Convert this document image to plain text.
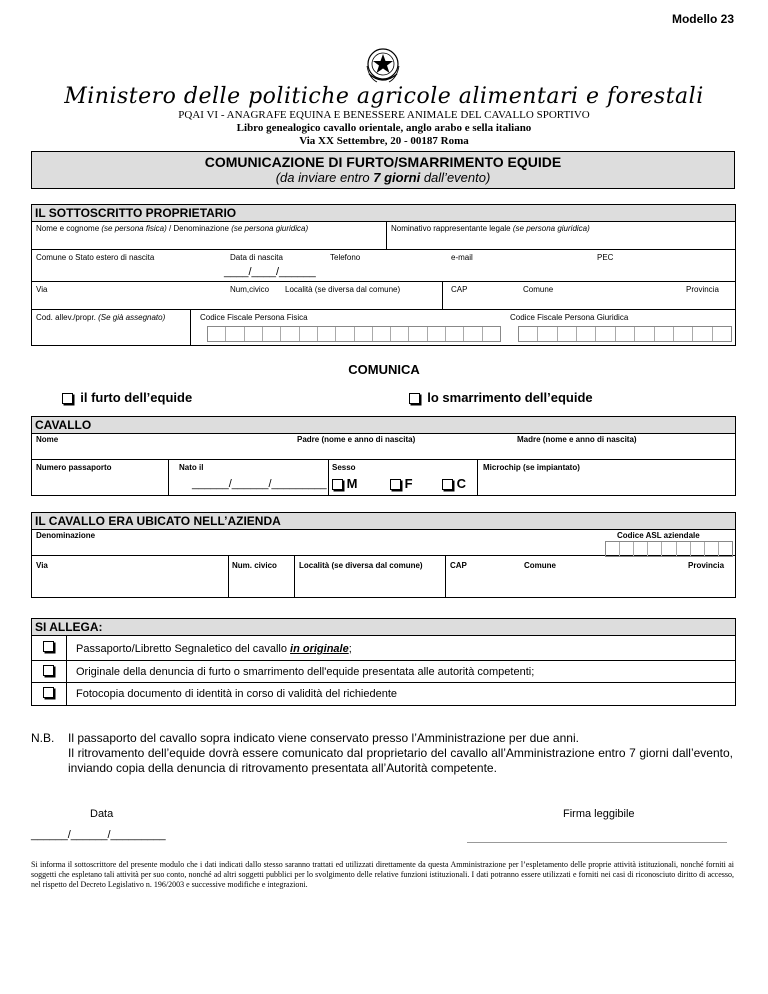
Modello 23
Ministero delle politiche agricole alimentari e forestali
PQAI VI - ANAGRAFE EQUINA E BENESSERE ANIMALE DEL CAVALLO SPORTIVO
Libro genealogico cavallo orientale, anglo arabo e sella italiano
Via XX Settembre, 20 - 00187 Roma
COMUNICAZIONE DI FURTO/SMARRIMENTO EQUIDE
(da inviare entro 7 giorni dall’evento)
IL SOTTOSCRITTO PROPRIETARIO
Nome e cognome (se persona fisica) / Denominazione (se persona giuridica)	Nominativo rappresentante legale (se persona giuridica)
Comune o Stato estero di nascita	Data di nascita
____/____/______
Telefono	e-mail	PEC
Via	Num,civico Località (se diversa dal comune)	CAP	Comune	Provincia
Cod. allev./propr. (Se già assegnato)	Codice Fiscale Persona Fisica	Codice Fiscale Persona Giuridica
COMUNICA
il furto dell’equide	lo smarrimento dell’equide
CAVALLO
Nome	Padre (nome e anno di nascita)	Madre (nome e anno di nascita)
Numero passaporto	Nato il
______/______/_________
Sesso
M	F	C
Microchip (se impiantato)
IL CAVALLO ERA UBICATO NELL’AZIENDA
Denominazione	Codice ASL aziendale
Via	Num. civico	Località (se diversa dal comune)	CAP	Comune	Provincia
SI ALLEGA:
Passaporto/Libretto Segnaletico del cavallo in originale;
Originale della denuncia di furto o smarrimento dell'equide presentata alle autorità competenti;
Fotocopia documento di identità in corso di validità del richiedente
N.B. Il passaporto del cavallo sopra indicato viene conservato presso l’Amministrazione per due anni.
Il ritrovamento dell’equide dovrà essere comunicato dal proprietario del cavallo all’Amministrazione entro 7 giorni dall’evento, inviando copia della denuncia di ritrovamento presentata all’Autorità competente.
Data
______/______/_________
Firma leggibile
Si informa il sottoscrittore del presente modulo che i dati indicati dallo stesso saranno trattati ed utilizzati direttamente da questa Amministrazione per l’espletamento delle proprie attività istituzionali, nonché forniti ai soggetti che espletano tali attività per suo conto, nonché ad altri soggetti pubblici per lo svolgimento delle relative funzioni istituzionali. I dati potranno essere utilizzati e forniti nei casi di riconosciuto diritto di accesso, nel rispetto del Decreto Legislativo n. 196/2003 e successive modifiche e integrazioni.
